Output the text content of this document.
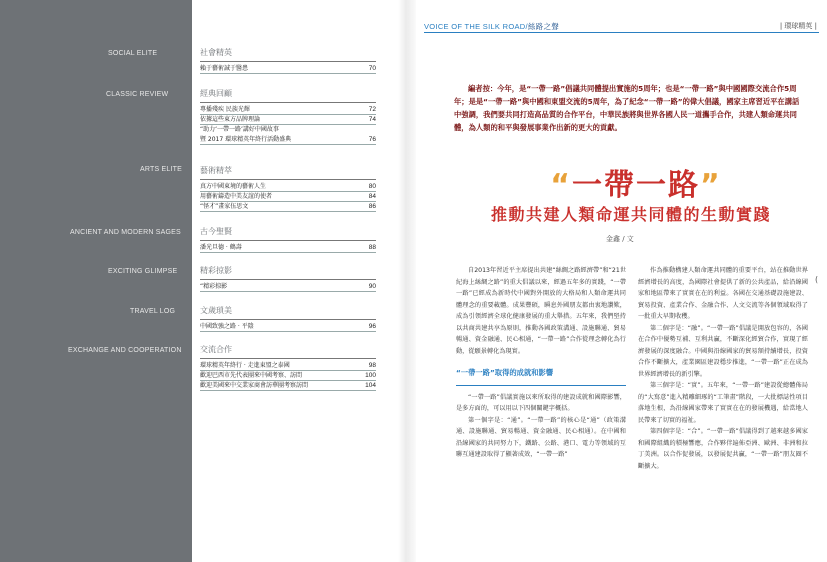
SOCIAL ELITE
CLASSIC REVIEW
ARTS ELITE
ANCIENT AND MODERN SAGES
EXCITING GLIMPSE
TRAVEL LOG
EXCHANGE AND COOPERATION
社會精英
賴于藝術誠于醫患	70
經典回顧
專播殘疾 民族光輝	72
依據這些東方品牌理論	74
“助力‘一帶一路’講好中國故事
暨 2017 環球精英年終行活動盛典	76
藝術精萃
真方中國東境的藝術人生	80
用藝術鑄造中美友誼的使者	84
“怪才”畫家伍思文	86
古今聖賢
潘光旦德 · 鶴壽	88
精彩掠影
“精彩掠影	90
文歲瑣美
中國致強之路 · 平陰	96
交流合作
環球精英年終行 · 走進東盟之泰國	98
歡迎巴西市先代表團來中國考察、訪問	100
歡迎美國來中交業家商會訪華團考察訪問	104
VOICE OF THE SILK ROAD/絲路之聲	| 環球精英 |
(
編者按：今年，是“一帶一路”倡議共同體提出實施的5周年；也是“一帶一路”與中國國際交流合作5周年；是是“一帶一路”與中國和東盟交流的5周年，為了紀念“一帶一路”的偉大倡議，國家主席習近平在講話中強調，我們要共同打造高品質的合作平台，中華民族將與世界各國人民一道攜手合作，共建人類命運共同體，為人類的和平與發展事業作出新的更大的貢獻。
“一帶一路”
推動共建人類命運共同體的生動實踐
金鑫 / 文

自2013年習近平主席提出共建“絲綢之路經濟帶”和“21世紀海上絲綢之路”的重大倡議以來，經過五年多的實踐，“一帶一路”已經成為新時代中國對外開放的大格局和人類命運共同體理念的重要載體。成果豐碩，瞬息外國朋友都由衷地讚歎，成為引領經濟全球化健康發展的重大舉措。五年來，我們堅持以共商共建共享為原則，推動各國政策溝通、設施聯通、貿易暢通、資金融通、民心相通，“一帶一路”合作從理念轉化為行動，從願景轉化為現實。

“一帶一路”取得的成就和影響

“一帶一路”倡議實施以來所取得的建設成就和國際影響，是多方面的，可以用以下四個關鍵字概括。

第一個字是：“通”。“一帶一路”的核心是“通”（政策溝通、設施聯通、貿易暢通、資金融通、民心相通）。在中國和沿線國家的共同努力下，鐵路、公路、港口、電力等領域的互聯互通建設取得了顯著成效，“一帶一路”

作為推動構建人類命運共同體的重要平台，站在推動世界經濟增長的高度，為國際社會提供了新的公共產品，給沿線國家和地區帶來了實實在在的利益。各國在交通基礎設施建設、貿易投資、產業合作、金融合作、人文交流等各個領域取得了一批重大早期收穫。

第二個字是：“融”。“一帶一路”倡議是開放包容的，各國在合作中優勢互補、互利共贏，不斷深化經貿合作，實現了經濟發展的深度融合。中國與沿線國家的貿易額持續增長，投資合作不斷擴大，產業園區建設穩步推進，“一帶一路”正在成為世界經濟增長的新引擎。

第三個字是：“實”。五年來，“一帶一路”建設從總體佈局的“大寫意”進入精雕細琢的“工筆畫”階段，一大批標誌性項目落地生根，為沿線國家帶來了實實在在的發展機遇，給當地人民帶來了切實的福祉。

第四個字是：“合”。“一帶一路”倡議得到了越來越多國家和國際組織的積極響應，合作夥伴遍佈亞洲、歐洲、非洲和拉丁美洲。以合作促發展，以發展促共贏，“一帶一路”朋友圈不斷擴大。
